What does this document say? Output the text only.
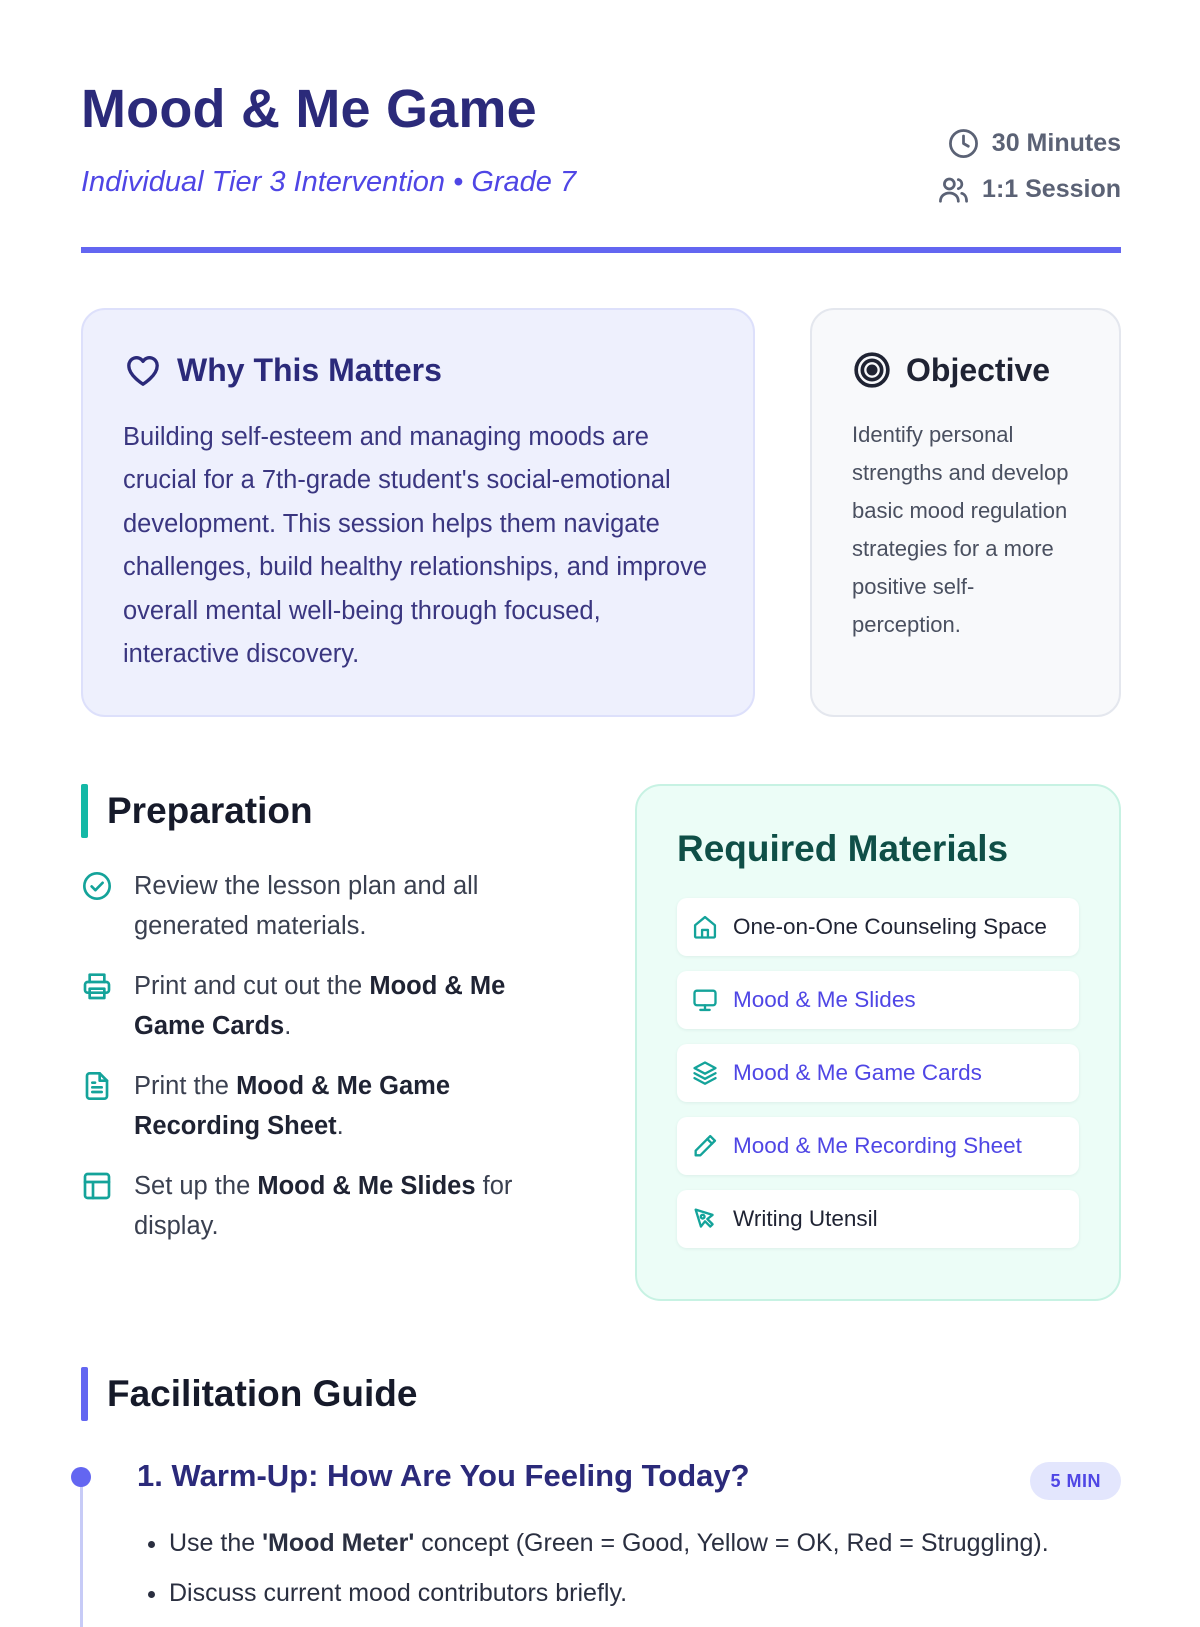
Mood & Me Game
Individual Tier 3 Intervention • Grade 7
30 Minutes
1:1 Session
Why This Matters

Building self-esteem and managing moods are crucial for a 7th-grade student's social-emotional development. This session helps them navigate challenges, build healthy relationships, and improve overall mental well-being through focused, interactive discovery.

Objective

Identify personal strengths and develop basic mood regulation strategies for a more positive self-perception.

Preparation
Review the lesson plan and all generated materials.
Print and cut out the Mood & Me Game Cards.
Print the Mood & Me Game Recording Sheet.
Set up the Mood & Me Slides for display.
Required Materials
One-on-One Counseling Space
Mood & Me Slides
Mood & Me Game Cards
Mood & Me Recording Sheet
Writing Utensil
Facilitation Guide
1. Warm-Up: How Are You Feeling Today?	5 MIN
• Use the 'Mood Meter' concept (Green = Good, Yellow = OK, Red = Struggling).
• Discuss current mood contributors briefly.
